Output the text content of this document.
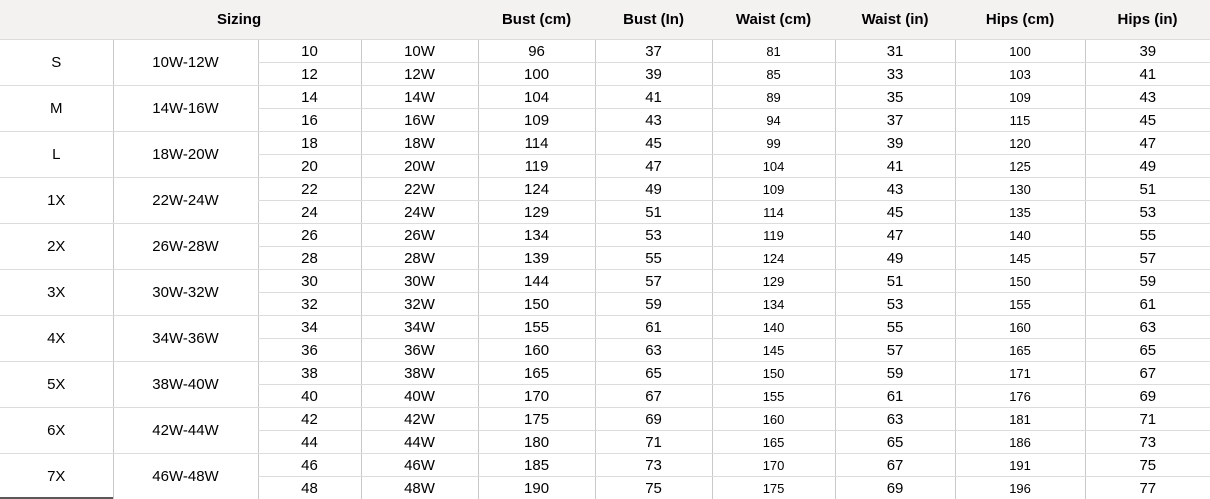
Sizing				Bust (cm)	Bust (In)	Waist (cm)	Waist (in)	Hips (cm)	Hips (in)
S	10W-12W	10	10W	96	37	81	31	100	39
		12	12W	100	39	85	33	103	41
M	14W-16W	14	14W	104	41	89	35	109	43
		16	16W	109	43	94	37	115	45
L	18W-20W	18	18W	114	45	99	39	120	47
		20	20W	119	47	104	41	125	49
1X	22W-24W	22	22W	124	49	109	43	130	51
		24	24W	129	51	114	45	135	53
2X	26W-28W	26	26W	134	53	119	47	140	55
		28	28W	139	55	124	49	145	57
3X	30W-32W	30	30W	144	57	129	51	150	59
		32	32W	150	59	134	53	155	61
4X	34W-36W	34	34W	155	61	140	55	160	63
		36	36W	160	63	145	57	165	65
5X	38W-40W	38	38W	165	65	150	59	171	67
		40	40W	170	67	155	61	176	69
6X	42W-44W	42	42W	175	69	160	63	181	71
		44	44W	180	71	165	65	186	73
7X	46W-48W	46	46W	185	73	170	67	191	75
		48	48W	190	75	175	69	196	77
